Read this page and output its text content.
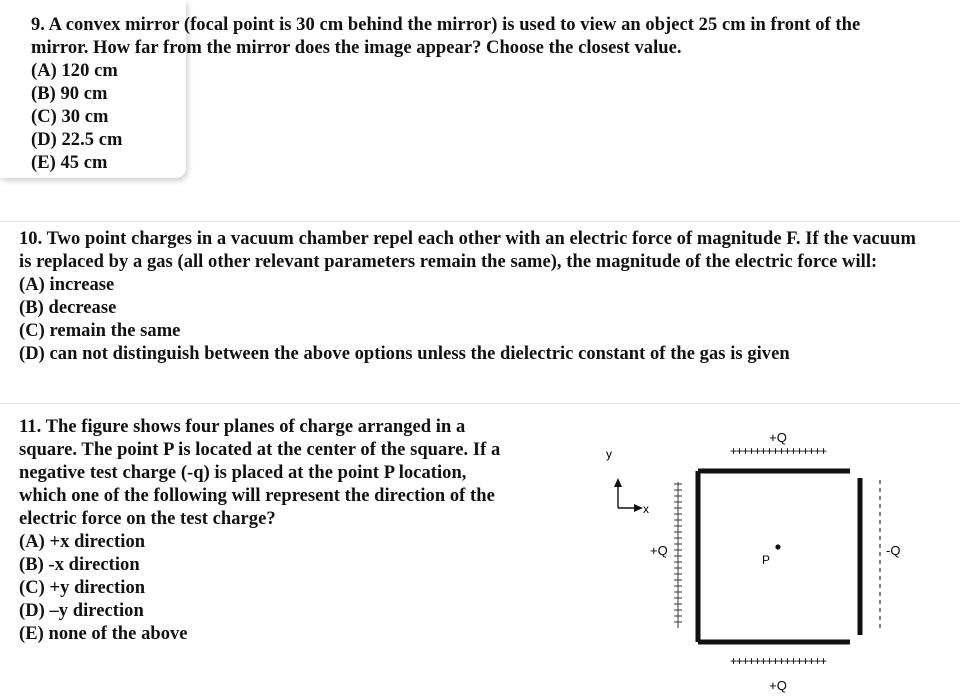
9. A convex mirror (focal point is 30 cm behind the mirror) is used to view an object 25 cm in front of the

mirror. How far from the mirror does the image appear? Choose the closest value.

(A) 120 cm
(B) 90 cm
(C) 30 cm
(D) 22.5 cm
(E) 45 cm

10. Two point charges in a vacuum chamber repel each other with an electric force of magnitude F. If the vacuum

is replaced by a gas (all other relevant parameters remain the same), the magnitude of the electric force will:

(A) increase
(B) decrease
(C) remain the same
(D) can not distinguish between the above options unless the dielectric constant of the gas is given

11. The figure shows four planes of charge arranged in a

square. The point P is located at the center of the square. If a

negative test charge (-q) is placed at the point P location,

which one of the following will represent the direction of the

electric force on the test charge?

(A) +x direction
(B) -x direction
(C) +y direction
(D) –y direction
(E) none of the above
y
x
+Q
++++++++++++++++
++++++++++++++++
+Q
+Q	-Q
P
